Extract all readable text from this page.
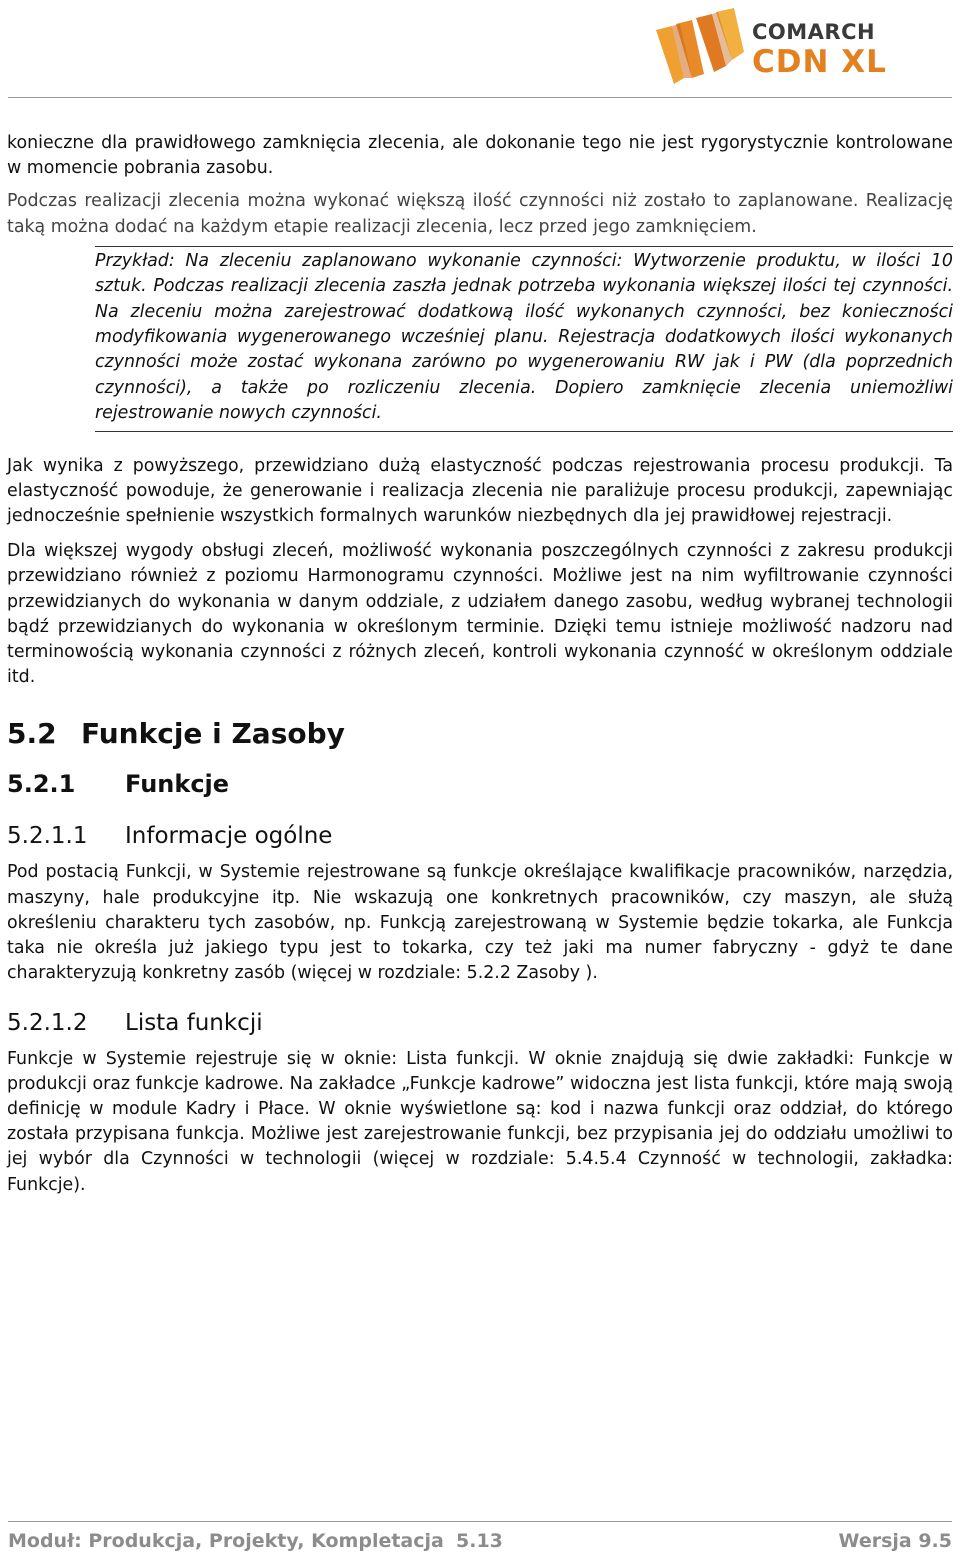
COMARCH
CDN XL

konieczne dla prawidłowego zamknięcia zlecenia, ale dokonanie tego nie jest rygorystycznie kontrolowane w momencie pobrania zasobu.

Podczas realizacji zlecenia można wykonać większą ilość czynności niż zostało to zaplanowane. Realizację taką można dodać na każdym etapie realizacji zlecenia, lecz przed jego zamknięciem.

Przykład: Na zleceniu zaplanowano wykonanie czynności: Wytworzenie produktu, w ilości 10 sztuk. Podczas realizacji zlecenia zaszła jednak potrzeba wykonania większej ilości tej czynności. Na zleceniu można zarejestrować dodatkową ilość wykonanych czynności, bez konieczności modyfikowania wygenerowanego wcześniej planu. Rejestracja dodatkowych ilości wykonanych czynności może zostać wykonana zarówno po wygenerowaniu RW jak i PW (dla poprzednich czynności), a także po rozliczeniu zlecenia. Dopiero zamknięcie zlecenia uniemożliwi rejestrowanie nowych czynności.

Jak wynika z powyższego, przewidziano dużą elastyczność podczas rejestrowania procesu produkcji. Ta elastyczność powoduje, że generowanie i realizacja zlecenia nie paraliżuje procesu produkcji, zapewniając jednocześnie spełnienie wszystkich formalnych warunków niezbędnych dla jej prawidłowej rejestracji.

Dla większej wygody obsługi zleceń, możliwość wykonania poszczególnych czynności z zakresu produkcji przewidziano również z poziomu Harmonogramu czynności. Możliwe jest na nim wyfiltrowanie czynności przewidzianych do wykonania w danym oddziale, z udziałem danego zasobu, według wybranej technologii bądź przewidzianych do wykonania w określonym terminie. Dzięki temu istnieje możliwość nadzoru nad terminowością wykonania czynności z różnych zleceń, kontroli wykonania czynność w określonym oddziale itd.

5.2 Funkcje i Zasoby
5.2.1 Funkcje
5.2.1.1 Informacje ogólne

Pod postacią Funkcji, w Systemie rejestrowane są funkcje określające kwalifikacje pracowników, narzędzia, maszyny, hale produkcyjne itp. Nie wskazują one konkretnych pracowników, czy maszyn, ale służą określeniu charakteru tych zasobów, np. Funkcją zarejestrowaną w Systemie będzie tokarka, ale Funkcja taka nie określa już jakiego typu jest to tokarka, czy też jaki ma numer fabryczny - gdyż te dane charakteryzują konkretny zasób (więcej w rozdziale: 5.2.2 Zasoby ).

5.2.1.2 Lista funkcji

Funkcje w Systemie rejestruje się w oknie: Lista funkcji. W oknie znajdują się dwie zakładki: Funkcje w produkcji oraz funkcje kadrowe. Na zakładce „Funkcje kadrowe” widoczna jest lista funkcji, które mają swoją definicję w module Kadry i Płace. W oknie wyświetlone są: kod i nazwa funkcji oraz oddział, do którego została przypisana funkcja. Możliwe jest zarejestrowanie funkcji, bez przypisania jej do oddziału umożliwi to jej wybór dla Czynności w technologii (więcej w rozdziale: 5.4.5.4 Czynność w technologii, zakładka: Funkcje).

Moduł: Produkcja, Projekty, Kompletacja 5.13	Wersja 9.5
